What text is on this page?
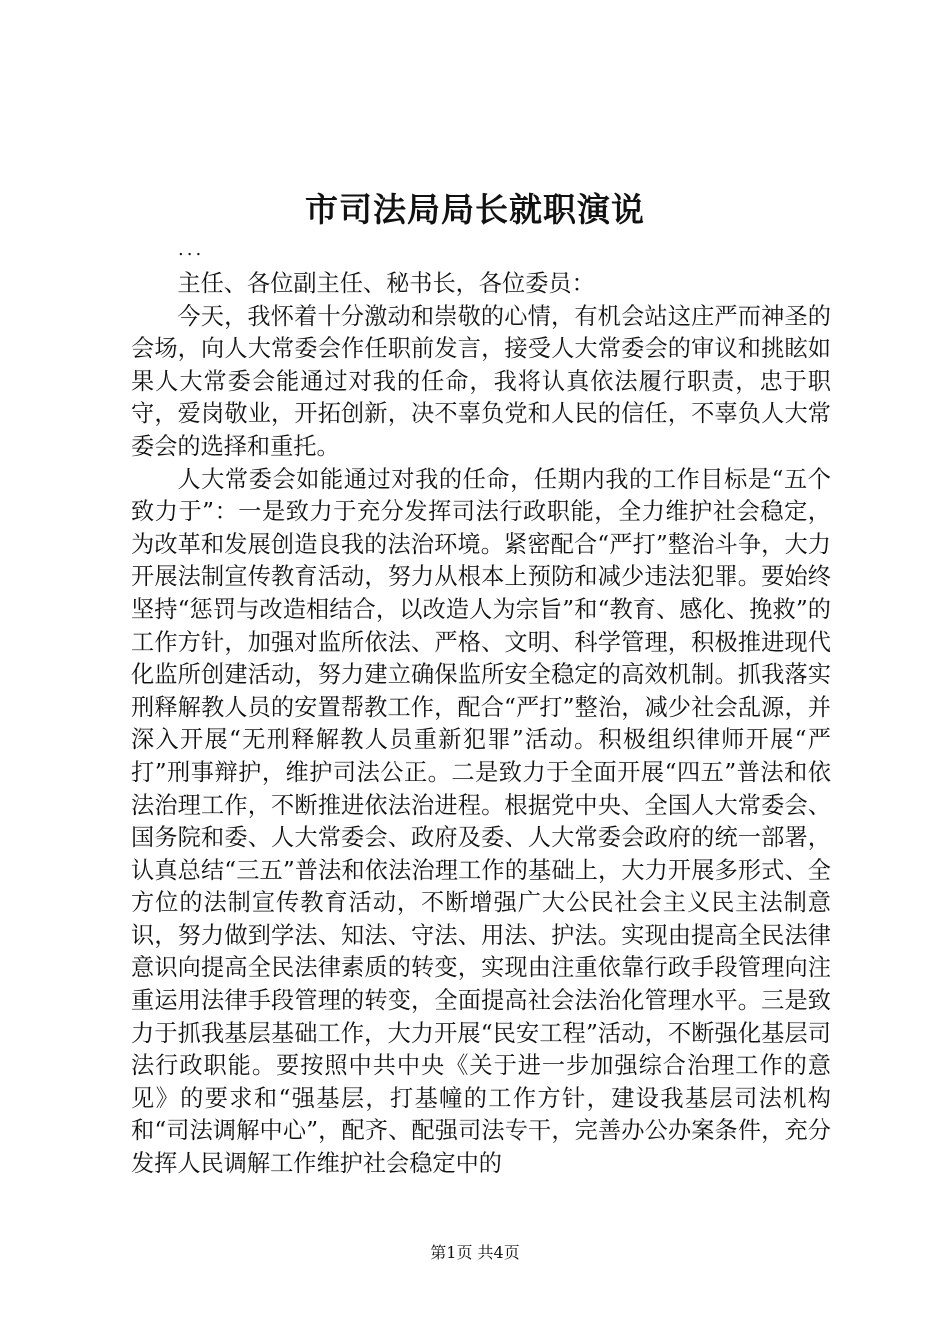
市司法局局长就职演说
...

主任、各位副主任、秘书长，各位委员：

今天，我怀着十分激动和崇敬的心情，有机会站这庄严而神圣的会场，向人大常委会作任职前发言，接受人大常委会的审议和挑眩如果人大常委会能通过对我的任命，我将认真依法履行职责，忠于职守，爱岗敬业，开拓创新，决不辜负党和人民的信任，不辜负人大常委会的选择和重托。

人大常委会如能通过对我的任命，任期内我的工作目标是“五个致力于”：一是致力于充分发挥司法行政职能，全力维护社会稳定，为改革和发展创造良我的法治环境。紧密配合“严打”整治斗争，大力开展法制宣传教育活动，努力从根本上预防和减少违法犯罪。要始终坚持“惩罚与改造相结合，以改造人为宗旨”和“教育、感化、挽救”的工作方针，加强对监所依法、严格、文明、科学管理，积极推进现代化监所创建活动，努力建立确保监所安全稳定的高效机制。抓我落实刑释解教人员的安置帮教工作，配合“严打”整治，减少社会乱源，并深入开展“无刑释解教人员重新犯罪”活动。积极组织律师开展“严打”刑事辩护，维护司法公正。二是致力于全面开展“四五”普法和依法治理工作，不断推进依法治进程。根据党中央、全国人大常委会、国务院和委、人大常委会、政府及委、人大常委会政府的统一部署，认真总结“三五”普法和依法治理工作的基础上，大力开展多形式、全方位的法制宣传教育活动，不断增强广大公民社会主义民主法制意识，努力做到学法、知法、守法、用法、护法。实现由提高全民法律意识向提高全民法律素质的转变，实现由注重依靠行政手段管理向注重运用法律手段管理的转变，全面提高社会法治化管理水平。三是致力于抓我基层基础工作，大力开展“民安工程”活动，不断强化基层司法行政职能。要按照中共中央《关于进一步加强综合治理工作的意见》的要求和“强基层，打基幢的工作方针，建设我基层司法机构和“司法调解中心”，配齐、配强司法专干，完善办公办案条件，充分发挥人民调解工作维护社会稳定中的

第1页 共4页
